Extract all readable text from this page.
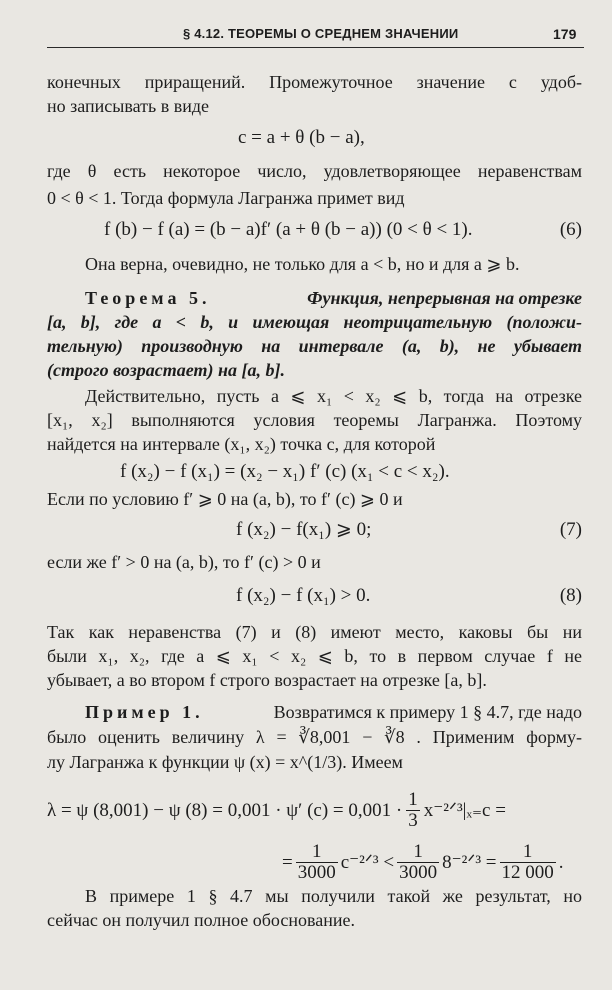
§ 4.12. ТЕОРЕМЫ О СРЕДНЕМ ЗНАЧЕНИИ	179
конечных приращений. Промежуточное значение c удоб-
но записывать в виде
c = a + θ (b − a),
где θ есть некоторое число, удовлетворяющее неравенствам
0 < θ < 1. Тогда формула Лагранжа примет вид
f (b) − f (a) = (b − a)f′ (a + θ (b − a)) (0 < θ < 1).	(6)
Она верна, очевидно, не только для a < b, но и для a ⩾ b.
Теорема 5.	Функция, непрерывная на отрезке
[a, b], где a < b, и имеющая неотрицательную (положи-
тельную) производную на интервале (a, b), не убывает
(строго возрастает) на [a, b].
Действительно, пусть a ⩽ x₁ < x₂ ⩽ b, тогда на отрезке
[x₁, x₂] выполняются условия теоремы Лагранжа. Поэтому
найдется на интервале (x₁, x₂) точка c, для которой
f (x₂) − f (x₁) = (x₂ − x₁) f′ (c) (x₁ < c < x₂).
Если по условию f′ ⩾ 0 на (a, b), то f′ (c) ⩾ 0 и
f (x₂) − f(x₁) ⩾ 0;	(7)
если же f′ > 0 на (a, b), то f′ (c) > 0 и
f (x₂) − f (x₁) > 0.	(8)
Так как неравенства (7) и (8) имеют место, каковы бы ни
были x₁, x₂, где a ⩽ x₁ < x₂ ⩽ b, то в первом случае f не
убывает, а во втором f строго возрастает на отрезке [a, b].
Пример 1.	Возвратимся к примеру 1 § 4.7, где надо
было оценить величину λ = ∛8,001 − ∛8 . Применим форму-
лу Лагранжа к функции ψ (x) = x^(1/3). Имеем
λ = ψ (8,001) − ψ (8) = 0,001 · ψ′ $(c) = 0,001 \cdot \frac{1}{3}$ x⁻²ᐟ³|ₓ₌c =
= $\frac{1}{3000}$ c⁻²ᐟ³ < $\frac{1}{3000}$ 8⁻²ᐟ³ = $\frac{1}{12 000}$ .
В примере 1 § 4.7 мы получили такой же результат, но
сейчас он получил полное обоснование.
